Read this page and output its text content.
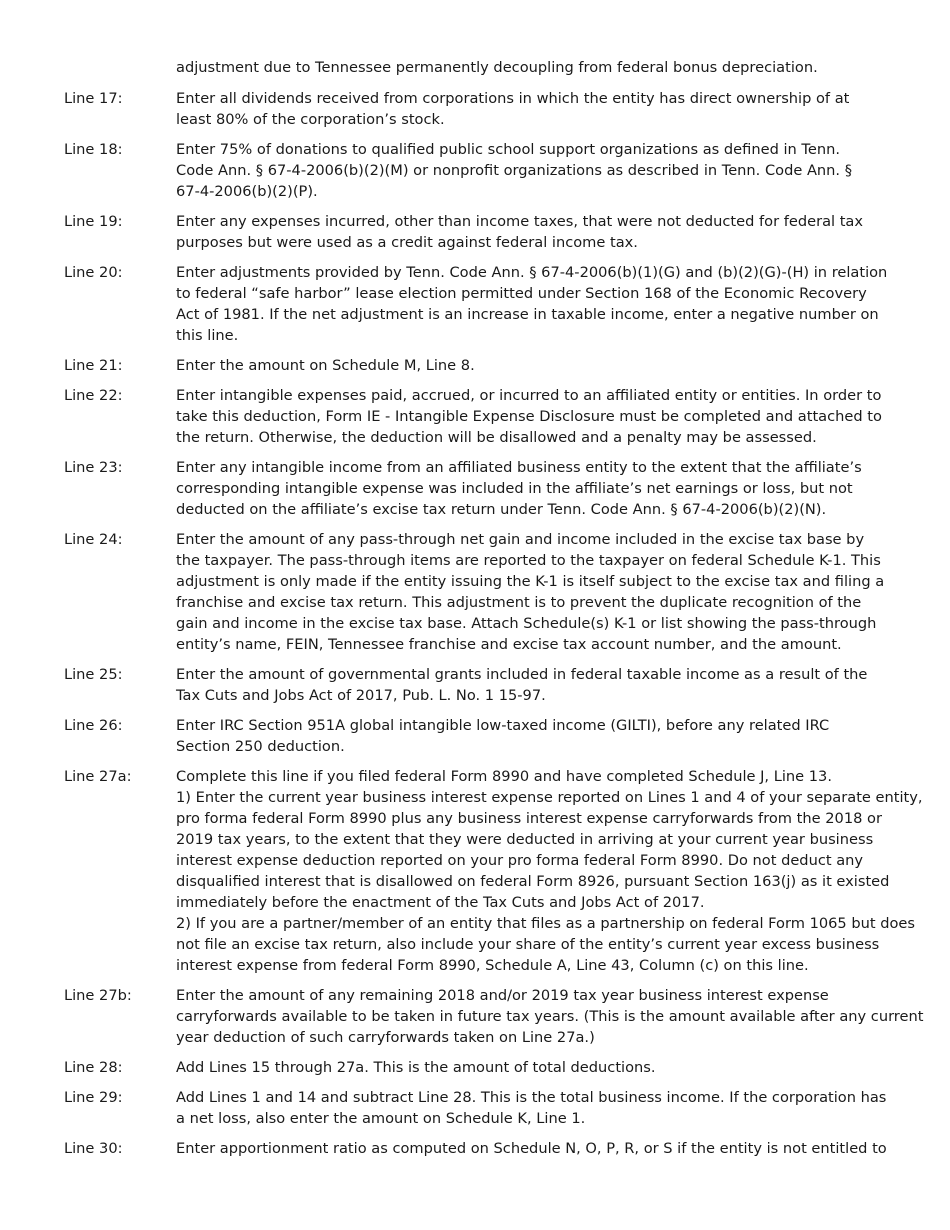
adjustment due to Tennessee permanently decoupling from federal bonus depreciation.
Line 17:	Enter all dividends received from corporations in which the entity has direct ownership of at
least 80% of the corporation’s stock.
Line 18:	Enter 75% of donations to qualified public school support organizations as defined in Tenn.
Code Ann. § 67-4-2006(b)(2)(M) or nonprofit organizations as described in Tenn. Code Ann. §
67-4-2006(b)(2)(P).
Line 19:	Enter any expenses incurred, other than income taxes, that were not deducted for federal tax
purposes but were used as a credit against federal income tax.
Line 20:	Enter adjustments provided by Tenn. Code Ann. § 67-4-2006(b)(1)(G) and (b)(2)(G)-(H) in relation
to federal “safe harbor” lease election permitted under Section 168 of the Economic Recovery
Act of 1981. If the net adjustment is an increase in taxable income, enter a negative number on
this line.
Line 21:	Enter the amount on Schedule M, Line 8.
Line 22:	Enter intangible expenses paid, accrued, or incurred to an affiliated entity or entities. In order to
take this deduction, Form IE - Intangible Expense Disclosure must be completed and attached to
the return. Otherwise, the deduction will be disallowed and a penalty may be assessed.
Line 23:	Enter any intangible income from an affiliated business entity to the extent that the affiliate’s
corresponding intangible expense was included in the affiliate’s net earnings or loss, but not
deducted on the affiliate’s excise tax return under Tenn. Code Ann. § 67-4-2006(b)(2)(N).
Line 24:	Enter the amount of any pass-through net gain and income included in the excise tax base by
the taxpayer. The pass-through items are reported to the taxpayer on federal Schedule K-1. This
adjustment is only made if the entity issuing the K-1 is itself subject to the excise tax and filing a
franchise and excise tax return. This adjustment is to prevent the duplicate recognition of the
gain and income in the excise tax base. Attach Schedule(s) K-1 or list showing the pass-through
entity’s name, FEIN, Tennessee franchise and excise tax account number, and the amount.
Line 25:	Enter the amount of governmental grants included in federal taxable income as a result of the
Tax Cuts and Jobs Act of 2017, Pub. L. No. 1 15-97.
Line 26:	Enter IRC Section 951A global intangible low-taxed income (GILTI), before any related IRC
Section 250 deduction.
Line 27a:	Complete this line if you filed federal Form 8990 and have completed Schedule J, Line 13.
1) Enter the current year business interest expense reported on Lines 1 and 4 of your separate entity,
pro forma federal Form 8990 plus any business interest expense carryforwards from the 2018 or
2019 tax years, to the extent that they were deducted in arriving at your current year business
interest expense deduction reported on your pro forma federal Form 8990. Do not deduct any
disqualified interest that is disallowed on federal Form 8926, pursuant Section 163(j) as it existed
immediately before the enactment of the Tax Cuts and Jobs Act of 2017.
2) If you are a partner/member of an entity that files as a partnership on federal Form 1065 but does
not file an excise tax return, also include your share of the entity’s current year excess business
interest expense from federal Form 8990, Schedule A, Line 43, Column (c) on this line.
Line 27b:	Enter the amount of any remaining 2018 and/or 2019 tax year business interest expense
carryforwards available to be taken in future tax years. (This is the amount available after any current
year deduction of such carryforwards taken on Line 27a.)
Line 28:	Add Lines 15 through 27a. This is the amount of total deductions.
Line 29:	Add Lines 1 and 14 and subtract Line 28. This is the total business income. If the corporation has
a net loss, also enter the amount on Schedule K, Line 1.
Line 30:	Enter apportionment ratio as computed on Schedule N, O, P, R, or S if the entity is not entitled to
